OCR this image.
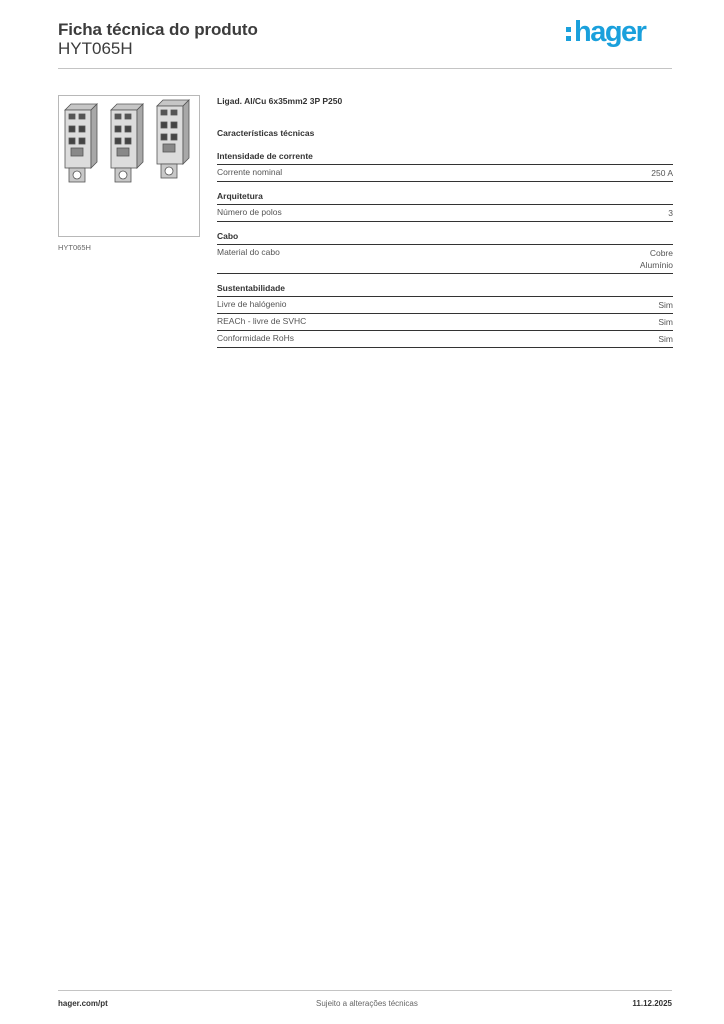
Ficha técnica do produto
HYT065H
hager
HYT065H
Ligad. Al/Cu 6x35mm2 3P P250
Características técnicas
Intensidade de corrente
Corrente nominal	250 A
Arquitetura
Número de polos	3
Cabo
Material do cabo	Cobre
Alumínio
Sustentabilidade
Livre de halógenio	Sim
REACh - livre de SVHC	Sim
Conformidade RoHs	Sim
hager.com/pt	Sujeito a alterações técnicas	11.12.2025
